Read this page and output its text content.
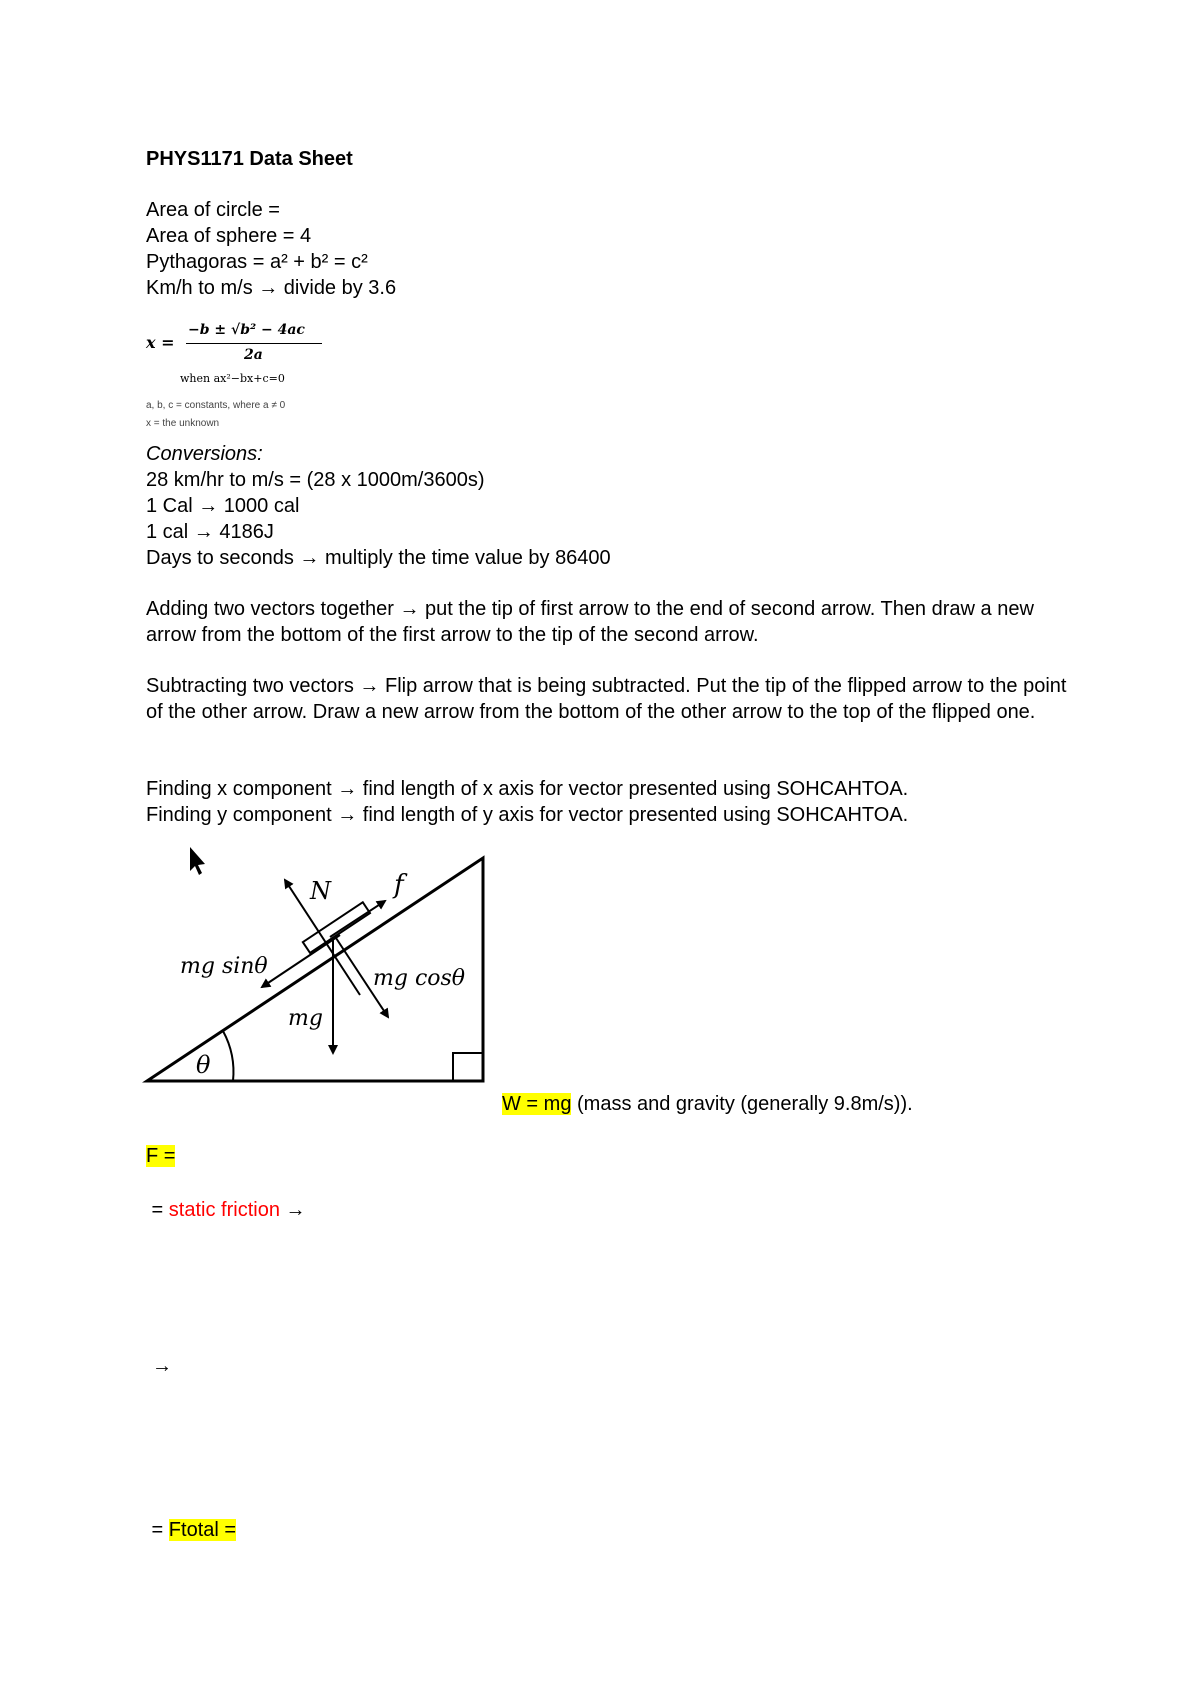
PHYS1171 Data Sheet
Area of circle =
Area of sphere = 4
Pythagoras = a² + b² = c²
Km/h to m/s → divide by 3.6
x =
−b ± √b² − 4ac
2a
when ax²−bx+c=0
a, b, c = constants, where a ≠ 0
x = the unknown
Conversions:
28 km/hr to m/s = (28 x 1000m/3600s)
1 Cal → 1000 cal
1 cal → 4186J
Days to seconds → multiply the time value by 86400
Adding two vectors together → put the tip of first arrow to the end of second arrow. Then draw a new arrow from the bottom of the first arrow to the tip of the second arrow.
Subtracting two vectors → Flip arrow that is being subtracted. Put the tip of the flipped arrow to the point of the other arrow. Draw a new arrow from the bottom of the other arrow to the top of the flipped one.
Finding x component → find length of x axis for vector presented using SOHCAHTOA.
Finding y component → find length of y axis for vector presented using SOHCAHTOA.
N f
mg sinθ	mg cosθ
mg
θ
W = mg (mass and gravity (generally 9.8m/s)).
F =
= static friction →
→
= Ftotal =
